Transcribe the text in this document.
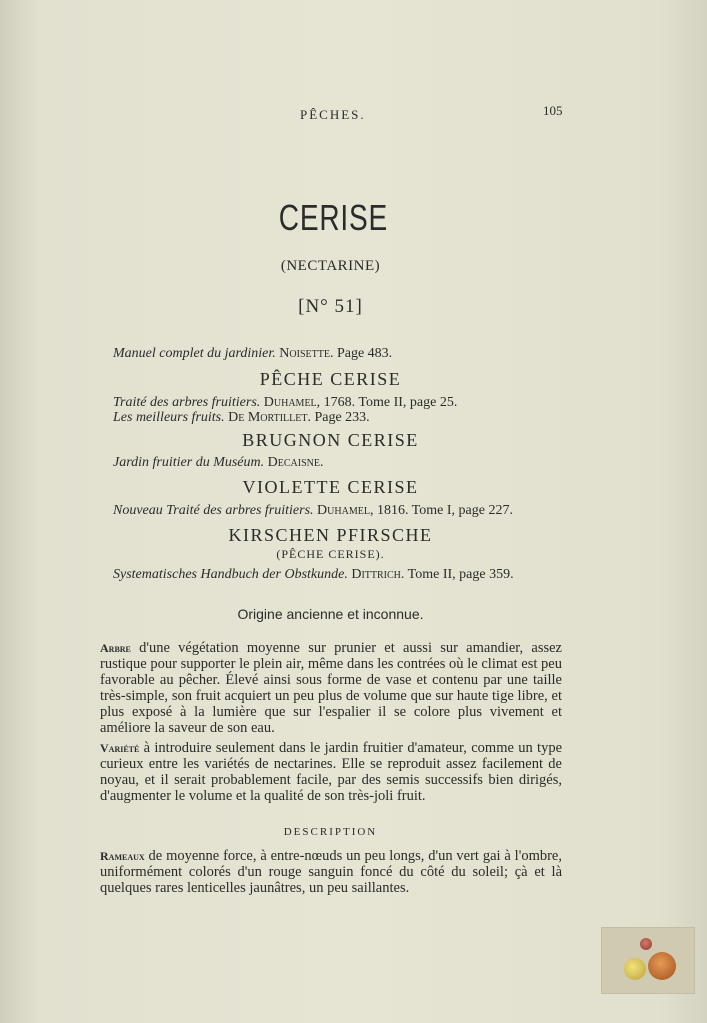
PÊCHES.	105
CERISE
(NECTARINE)
[N° 51]
Manuel complet du jardinier. Noisette. Page 483.
PÊCHE CERISE
Traité des arbres fruitiers. Duhamel, 1768. Tome II, page 25.
Les meilleurs fruits. De Mortillet. Page 233.
BRUGNON CERISE
Jardin fruitier du Muséum. Decaisne.
VIOLETTE CERISE
Nouveau Traité des arbres fruitiers. Duhamel, 1816. Tome I, page 227.
KIRSCHEN PFIRSCHE
(PÊCHE CERISE).
Systematisches Handbuch der Obstkunde. Dittrich. Tome II, page 359.
Origine ancienne et inconnue.
Arbre d'une végétation moyenne sur prunier et aussi sur amandier, assez rustique pour supporter le plein air, même dans les contrées où le climat est peu favorable au pêcher. Élevé ainsi sous forme de vase et contenu par une taille très-simple, son fruit acquiert un peu plus de volume que sur haute tige libre, et plus exposé à la lumière que sur l'espalier il se colore plus vivement et améliore la saveur de son eau.
Variété à introduire seulement dans le jardin fruitier d'amateur, comme un type curieux entre les variétés de nectarines. Elle se reproduit assez facilement de noyau, et il serait probablement facile, par des semis successifs bien dirigés, d'augmenter le volume et la qualité de son très-joli fruit.
DESCRIPTION
Rameaux de moyenne force, à entre-nœuds un peu longs, d'un vert gai à l'ombre, uniformément colorés d'un rouge sanguin foncé du côté du soleil; çà et là quelques rares lenticelles jaunâtres, un peu saillantes.
